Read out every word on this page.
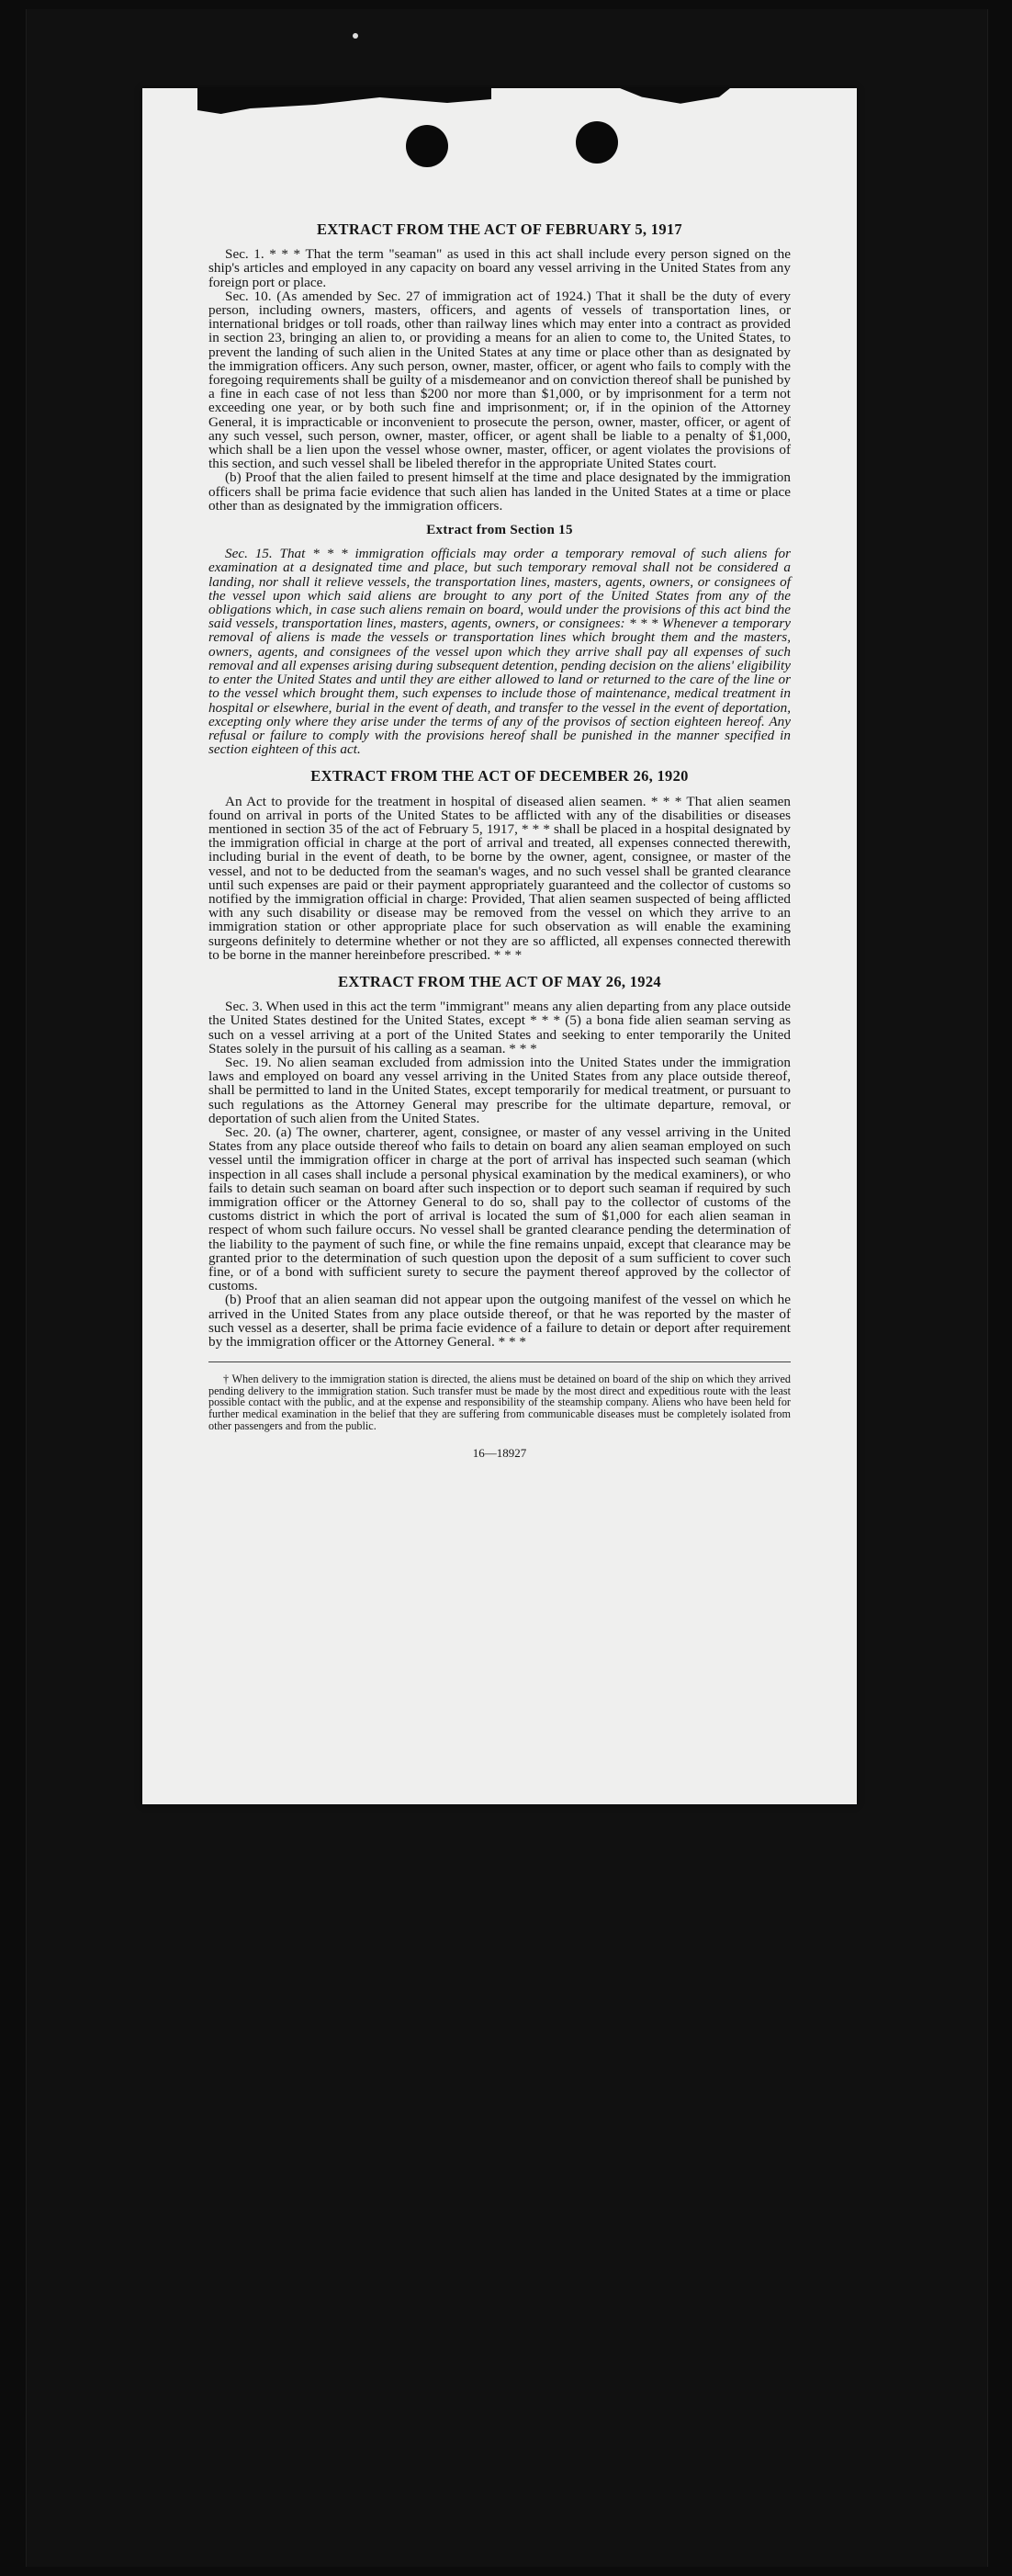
EXTRACT FROM THE ACT OF FEBRUARY 5, 1917

Sec. 1. * * * That the term "seaman" as used in this act shall include every person signed on the ship's articles and employed in any capacity on board any vessel arriving in the United States from any foreign port or place.

Sec. 10. (As amended by Sec. 27 of immigration act of 1924.) That it shall be the duty of every person, including owners, masters, officers, and agents of vessels of transportation lines, or international bridges or toll roads, other than railway lines which may enter into a contract as provided in section 23, bringing an alien to, or providing a means for an alien to come to, the United States, to prevent the landing of such alien in the United States at any time or place other than as designated by the immigration officers. Any such person, owner, master, officer, or agent who fails to comply with the foregoing requirements shall be guilty of a misdemeanor and on conviction thereof shall be punished by a fine in each case of not less than $200 nor more than $1,000, or by imprisonment for a term not exceeding one year, or by both such fine and imprisonment; or, if in the opinion of the Attorney General, it is impracticable or inconvenient to prosecute the person, owner, master, officer, or agent of any such vessel, such person, owner, master, officer, or agent shall be liable to a penalty of $1,000, which shall be a lien upon the vessel whose owner, master, officer, or agent violates the provisions of this section, and such vessel shall be libeled therefor in the appropriate United States court.

(b) Proof that the alien failed to present himself at the time and place designated by the immigration officers shall be prima facie evidence that such alien has landed in the United States at a time or place other than as designated by the immigration officers.

Extract from Section 15

Sec. 15. That * * * immigration officials may order a temporary removal of such aliens for examination at a designated time and place, but such temporary removal shall not be considered a landing, nor shall it relieve vessels, the transportation lines, masters, agents, owners, or consignees of the vessel upon which said aliens are brought to any port of the United States from any of the obligations which, in case such aliens remain on board, would under the provisions of this act bind the said vessels, transportation lines, masters, agents, owners, or consignees: * * * Whenever a temporary removal of aliens is made the vessels or transportation lines which brought them and the masters, owners, agents, and consignees of the vessel upon which they arrive shall pay all expenses of such removal and all expenses arising during subsequent detention, pending decision on the aliens' eligibility to enter the United States and until they are either allowed to land or returned to the care of the line or to the vessel which brought them, such expenses to include those of maintenance, medical treatment in hospital or elsewhere, burial in the event of death, and transfer to the vessel in the event of deportation, excepting only where they arise under the terms of any of the provisos of section eighteen hereof. Any refusal or failure to comply with the provisions hereof shall be punished in the manner specified in section eighteen of this act.

EXTRACT FROM THE ACT OF DECEMBER 26, 1920

An Act to provide for the treatment in hospital of diseased alien seamen. * * * That alien seamen found on arrival in ports of the United States to be afflicted with any of the disabilities or diseases mentioned in section 35 of the act of February 5, 1917, * * * shall be placed in a hospital designated by the immigration official in charge at the port of arrival and treated, all expenses connected therewith, including burial in the event of death, to be borne by the owner, agent, consignee, or master of the vessel, and not to be deducted from the seaman's wages, and no such vessel shall be granted clearance until such expenses are paid or their payment appropriately guaranteed and the collector of customs so notified by the immigration official in charge: Provided, That alien seamen suspected of being afflicted with any such disability or disease may be removed from the vessel on which they arrive to an immigration station or other appropriate place for such observation as will enable the examining surgeons definitely to determine whether or not they are so afflicted, all expenses connected therewith to be borne in the manner hereinbefore prescribed. * * *

EXTRACT FROM THE ACT OF MAY 26, 1924

Sec. 3. When used in this act the term "immigrant" means any alien departing from any place outside the United States destined for the United States, except * * * (5) a bona fide alien seaman serving as such on a vessel arriving at a port of the United States and seeking to enter temporarily the United States solely in the pursuit of his calling as a seaman. * * *

Sec. 19. No alien seaman excluded from admission into the United States under the immigration laws and employed on board any vessel arriving in the United States from any place outside thereof, shall be permitted to land in the United States, except temporarily for medical treatment, or pursuant to such regulations as the Attorney General may prescribe for the ultimate departure, removal, or deportation of such alien from the United States.

Sec. 20. (a) The owner, charterer, agent, consignee, or master of any vessel arriving in the United States from any place outside thereof who fails to detain on board any alien seaman employed on such vessel until the immigration officer in charge at the port of arrival has inspected such seaman (which inspection in all cases shall include a personal physical examination by the medical examiners), or who fails to detain such seaman on board after such inspection or to deport such seaman if required by such immigration officer or the Attorney General to do so, shall pay to the collector of customs of the customs district in which the port of arrival is located the sum of $1,000 for each alien seaman in respect of whom such failure occurs. No vessel shall be granted clearance pending the determination of the liability to the payment of such fine, or while the fine remains unpaid, except that clearance may be granted prior to the determination of such question upon the deposit of a sum sufficient to cover such fine, or of a bond with sufficient surety to secure the payment thereof approved by the collector of customs.

(b) Proof that an alien seaman did not appear upon the outgoing manifest of the vessel on which he arrived in the United States from any place outside thereof, or that he was reported by the master of such vessel as a deserter, shall be prima facie evidence of a failure to detain or deport after requirement by the immigration officer or the Attorney General. * * *

† When delivery to the immigration station is directed, the aliens must be detained on board of the ship on which they arrived pending delivery to the immigration station. Such transfer must be made by the most direct and expeditious route with the least possible contact with the public, and at the expense and responsibility of the steamship company. Aliens who have been held for further medical examination in the belief that they are suffering from communicable diseases must be completely isolated from other passengers and from the public.

16—18927
